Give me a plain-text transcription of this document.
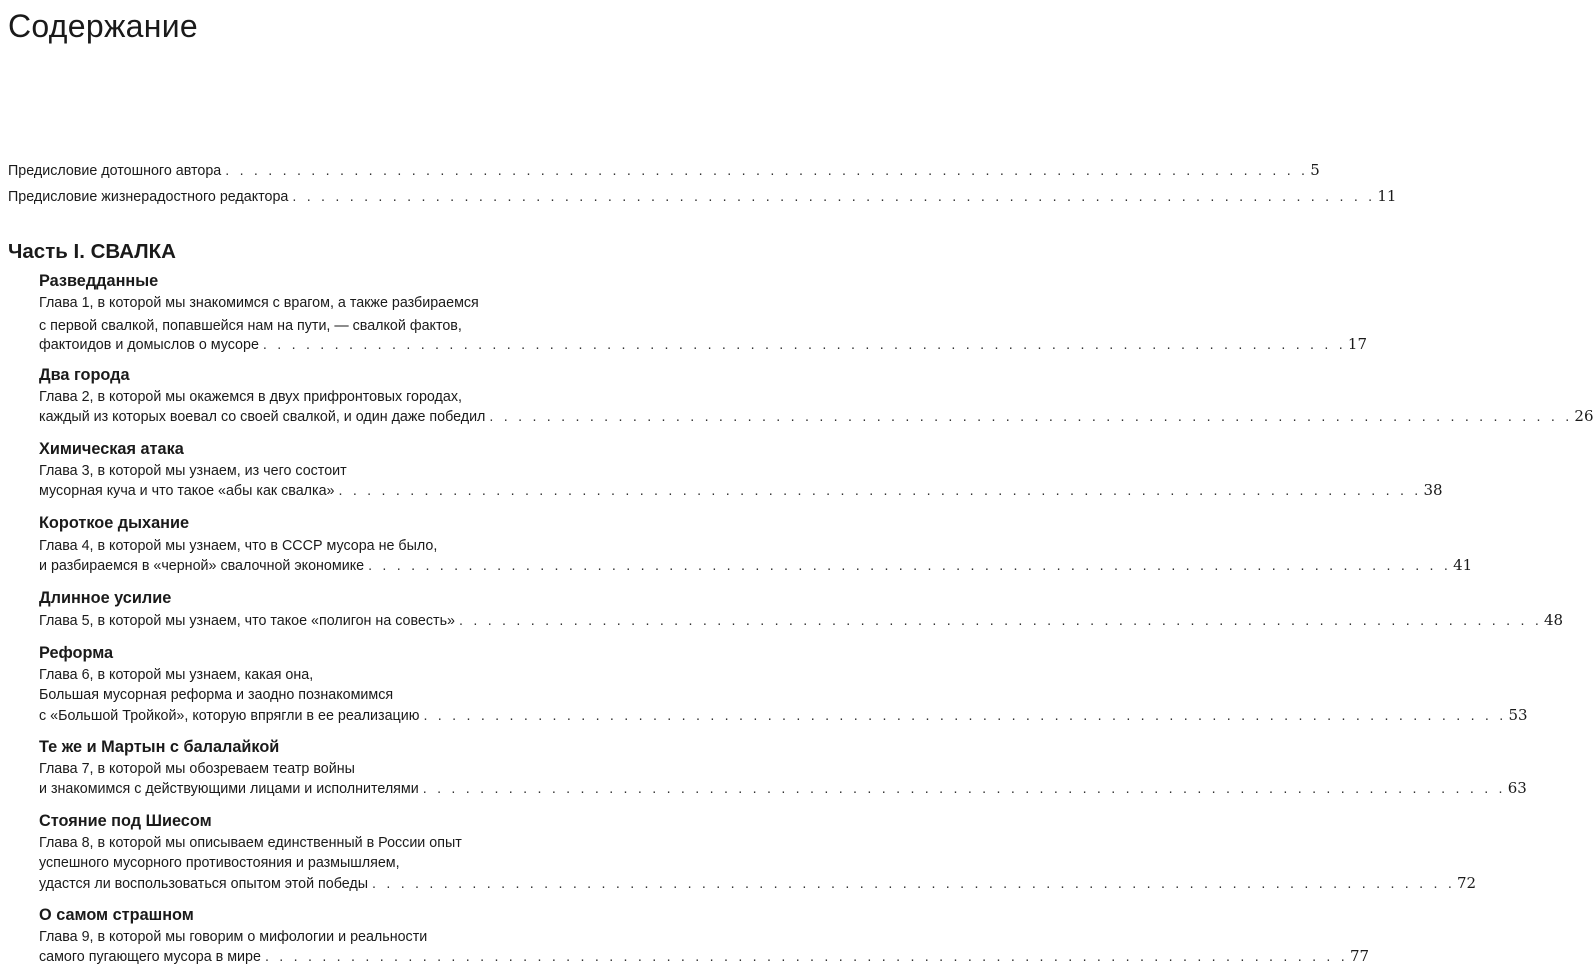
Содержание
Предисловие дотошного автора . . . . . . . . . . . . . . . . . . . . . . . . . . . . . . . . . . . . . . . . . . . . . . . . . . . . . . . . . . . . . . . . . . . . . . . . . . . . 5
Предисловие жизнерадостного редактора . . . . . . . . . . . . . . . . . . . . . . . . . . . . . . . . . . . . . . . . . . . . . . . . . . . . . . . . . . . . . . . . . . . . . . . . . . . . 11
Часть I. СВАЛКА
Разведданные
Глава 1, в которой мы знакомимся с врагом, а также разбираемся
с первой свалкой, попавшейся нам на пути, — свалкой фактов,
фактоидов и домыслов о мусоре . . . . . . . . . . . . . . . . . . . . . . . . . . . . . . . . . . . . . . . . . . . . . . . . . . . . . . . . . . . . . . . . . . . . . . . . . . . . 17
Два города
Глава 2, в которой мы окажемся в двух прифронтовых городах,
каждый из которых воевал со своей свалкой, и один даже победил . . . . . . . . . . . . . . . . . . . . . . . . . . . . . . . . . . . . . . . . . . . . . . . . . . . . . . . . . . . . . . . . . . . . . . . . . . . . 26
Химическая атака
Глава 3, в которой мы узнаем, из чего состоит
мусорная куча и что такое «абы как свалка» . . . . . . . . . . . . . . . . . . . . . . . . . . . . . . . . . . . . . . . . . . . . . . . . . . . . . . . . . . . . . . . . . . . . . . . . . . . . 38
Короткое дыхание
Глава 4, в которой мы узнаем, что в СССР мусора не было,
и разбираемся в «черной» свалочной экономике . . . . . . . . . . . . . . . . . . . . . . . . . . . . . . . . . . . . . . . . . . . . . . . . . . . . . . . . . . . . . . . . . . . . . . . . . . . . 41
Длинное усилие
Глава 5, в которой мы узнаем, что такое «полигон на совесть» . . . . . . . . . . . . . . . . . . . . . . . . . . . . . . . . . . . . . . . . . . . . . . . . . . . . . . . . . . . . . . . . . . . . . . . . . . . . 48
Реформа
Глава 6, в которой мы узнаем, какая она,
Большая мусорная реформа и заодно познакомимся
с «Большой Тройкой», которую впрягли в ее реализацию . . . . . . . . . . . . . . . . . . . . . . . . . . . . . . . . . . . . . . . . . . . . . . . . . . . . . . . . . . . . . . . . . . . . . . . . . . . . 53
Те же и Мартын с балалайкой
Глава 7, в которой мы обозреваем театр войны
и знакомимся с действующими лицами и исполнителями . . . . . . . . . . . . . . . . . . . . . . . . . . . . . . . . . . . . . . . . . . . . . . . . . . . . . . . . . . . . . . . . . . . . . . . . . . . . 63
Стояние под Шиесом
Глава 8, в которой мы описываем единственный в России опыт
успешного мусорного противостояния и размышляем,
удастся ли воспользоваться опытом этой победы . . . . . . . . . . . . . . . . . . . . . . . . . . . . . . . . . . . . . . . . . . . . . . . . . . . . . . . . . . . . . . . . . . . . . . . . . . . . 72
О самом страшном
Глава 9, в которой мы говорим о мифологии и реальности
самого пугающего мусора в мире . . . . . . . . . . . . . . . . . . . . . . . . . . . . . . . . . . . . . . . . . . . . . . . . . . . . . . . . . . . . . . . . . . . . . . . . . . . . 77
